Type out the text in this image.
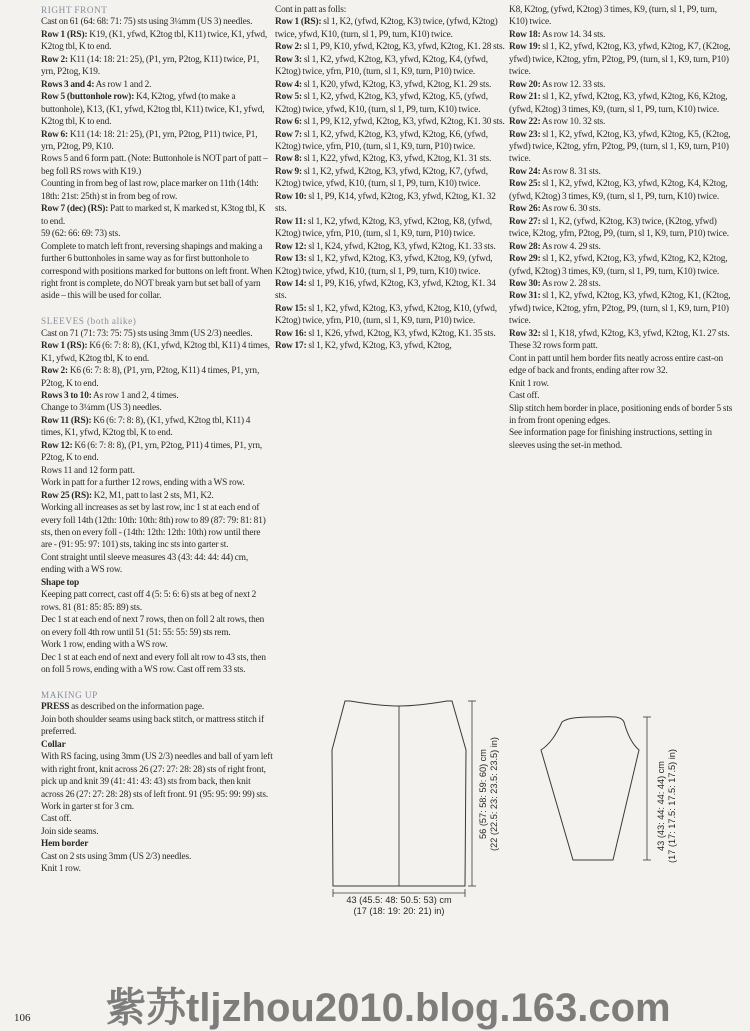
RIGHT FRONT

Cast on 61 (64: 68: 71: 75) sts using 3¼mm (US 3) needles.

Row 1 (RS): K19, (K1, yfwd, K2tog tbl, K11) twice, K1, yfwd, K2tog tbl, K to end.

Row 2: K11 (14: 18: 21: 25), (P1, yrn, P2tog, K11) twice, P1, yrn, P2tog, K19.

Rows 3 and 4: As row 1 and 2.

Row 5 (buttonhole row): K4, K2tog, yfwd (to make a buttonhole), K13, (K1, yfwd, K2tog tbl, K11) twice, K1, yfwd, K2tog tbl, K to end.

Row 6: K11 (14: 18: 21: 25), (P1, yrn, P2tog, P11) twice, P1, yrn, P2tog, P9, K10.

Rows 5 and 6 form patt. (Note: Buttonhole is NOT part of patt – beg foll RS rows with K19.)

Counting in from beg of last row, place marker on 11th (14th: 18th: 21st: 25th) st in from beg of row.

Row 7 (dec) (RS): Patt to marked st, K marked st, K3tog tbl, K to end.

59 (62: 66: 69: 73) sts.

Complete to match left front, reversing shapings and making a further 6 buttonholes in same way as for first buttonhole to correspond with positions marked for buttons on left front. When right front is complete, do NOT break yarn but set ball of yarn aside – this will be used for collar.

SLEEVES (both alike)

Cast on 71 (71: 73: 75: 75) sts using 3mm (US 2/3) needles.

Row 1 (RS): K6 (6: 7: 8: 8), (K1, yfwd, K2tog tbl, K11) 4 times, K1, yfwd, K2tog tbl, K to end.

Row 2: K6 (6: 7: 8: 8), (P1, yrn, P2tog, K11) 4 times, P1, yrn, P2tog, K to end.

Rows 3 to 10: As row 1 and 2, 4 times.

Change to 3¼mm (US 3) needles.

Row 11 (RS): K6 (6: 7: 8: 8), (K1, yfwd, K2tog tbl, K11) 4 times, K1, yfwd, K2tog tbl, K to end.

Row 12: K6 (6: 7: 8: 8), (P1, yrn, P2tog, P11) 4 times, P1, yrn, P2tog, K to end.

Rows 11 and 12 form patt.

Work in patt for a further 12 rows, ending with a WS row.

Row 25 (RS): K2, M1, patt to last 2 sts, M1, K2.

Working all increases as set by last row, inc 1 st at each end of every foll 14th (12th: 10th: 10th: 8th) row to 89 (87: 79: 81: 81) sts, then on every foll - (14th: 12th: 12th: 10th) row until there are - (91: 95: 97: 101) sts, taking inc sts into garter st.

Cont straight until sleeve measures 43 (43: 44: 44: 44) cm, ending with a WS row.

Shape top

Keeping patt correct, cast off 4 (5: 5: 6: 6) sts at beg of next 2 rows. 81 (81: 85: 85: 89) sts.

Dec 1 st at each end of next 7 rows, then on foll 2 alt rows, then on every foll 4th row until 51 (51: 55: 55: 59) sts rem.

Work 1 row, ending with a WS row.

Dec 1 st at each end of next and every foll alt row to 43 sts, then on foll 5 rows, ending with a WS row. Cast off rem 33 sts.

MAKING UP

PRESS as described on the information page.

Join both shoulder seams using back stitch, or mattress stitch if preferred.

Collar

With RS facing, using 3mm (US 2/3) needles and ball of yarn left with right front, knit across 26 (27: 27: 28: 28) sts of right front, pick up and knit 39 (41: 41: 43: 43) sts from back, then knit across 26 (27: 27: 28: 28) sts of left front. 91 (95: 95: 99: 99) sts.

Work in garter st for 3 cm.

Cast off.

Join side seams.

Hem border

Cast on 2 sts using 3mm (US 2/3) needles.

Knit 1 row.

Cont in patt as folls:

Row 1 (RS): sl 1, K2, (yfwd, K2tog, K3) twice, (yfwd, K2tog) twice, yfwd, K10, (turn, sl 1, P9, turn, K10) twice.

Row 2: sl 1, P9, K10, yfwd, K2tog, K3, yfwd, K2tog, K1. 28 sts.

Row 3: sl 1, K2, yfwd, K2tog, K3, yfwd, K2tog, K4, (yfwd, K2tog) twice, yfrn, P10, (turn, sl 1, K9, turn, P10) twice.

Row 4: sl 1, K20, yfwd, K2tog, K3, yfwd, K2tog, K1. 29 sts.

Row 5: sl 1, K2, yfwd, K2tog, K3, yfwd, K2tog, K5, (yfwd, K2tog) twice, yfwd, K10, (turn, sl 1, P9, turn, K10) twice.

Row 6: sl 1, P9, K12, yfwd, K2tog, K3, yfwd, K2tog, K1. 30 sts.

Row 7: sl 1, K2, yfwd, K2tog, K3, yfwd, K2tog, K6, (yfwd, K2tog) twice, yfrn, P10, (turn, sl 1, K9, turn, P10) twice.

Row 8: sl 1, K22, yfwd, K2tog, K3, yfwd, K2tog, K1. 31 sts.

Row 9: sl 1, K2, yfwd, K2tog, K3, yfwd, K2tog, K7, (yfwd, K2tog) twice, yfwd, K10, (turn, sl 1, P9, turn, K10) twice.

Row 10: sl 1, P9, K14, yfwd, K2tog, K3, yfwd, K2tog, K1. 32 sts.

Row 11: sl 1, K2, yfwd, K2tog, K3, yfwd, K2tog, K8, (yfwd, K2tog) twice, yfrn, P10, (turn, sl 1, K9, turn, P10) twice.

Row 12: sl 1, K24, yfwd, K2tog, K3, yfwd, K2tog, K1. 33 sts.

Row 13: sl 1, K2, yfwd, K2tog, K3, yfwd, K2tog, K9, (yfwd, K2tog) twice, yfwd, K10, (turn, sl 1, P9, turn, K10) twice.

Row 14: sl 1, P9, K16, yfwd, K2tog, K3, yfwd, K2tog, K1. 34 sts.

Row 15: sl 1, K2, yfwd, K2tog, K3, yfwd, K2tog, K10, (yfwd, K2tog) twice, yfrn, P10, (turn, sl 1, K9, turn, P10) twice.

Row 16: sl 1, K26, yfwd, K2tog, K3, yfwd, K2tog, K1. 35 sts.

Row 17: sl 1, K2, yfwd, K2tog, K3, yfwd, K2tog,

K8, K2tog, (yfwd, K2tog) 3 times, K9, (turn, sl 1, P9, turn, K10) twice.

Row 18: As row 14. 34 sts.

Row 19: sl 1, K2, yfwd, K2tog, K3, yfwd, K2tog, K7, (K2tog, yfwd) twice, K2tog, yfrn, P2tog, P9, (turn, sl 1, K9, turn, P10) twice.

Row 20: As row 12. 33 sts.

Row 21: sl 1, K2, yfwd, K2tog, K3, yfwd, K2tog, K6, K2tog, (yfwd, K2tog) 3 times, K9, (turn, sl 1, P9, turn, K10) twice.

Row 22: As row 10. 32 sts.

Row 23: sl 1, K2, yfwd, K2tog, K3, yfwd, K2tog, K5, (K2tog, yfwd) twice, K2tog, yfrn, P2tog, P9, (turn, sl 1, K9, turn, P10) twice.

Row 24: As row 8. 31 sts.

Row 25: sl 1, K2, yfwd, K2tog, K3, yfwd, K2tog, K4, K2tog, (yfwd, K2tog) 3 times, K9, (turn, sl 1, P9, turn, K10) twice.

Row 26: As row 6. 30 sts.

Row 27: sl 1, K2, (yfwd, K2tog, K3) twice, (K2tog, yfwd) twice, K2tog, yfrn, P2tog, P9, (turn, sl 1, K9, turn, P10) twice.

Row 28: As row 4. 29 sts.

Row 29: sl 1, K2, yfwd, K2tog, K3, yfwd, K2tog, K2, K2tog, (yfwd, K2tog) 3 times, K9, (turn, sl 1, P9, turn, K10) twice.

Row 30: As row 2. 28 sts.

Row 31: sl 1, K2, yfwd, K2tog, K3, yfwd, K2tog, K1, (K2tog, yfwd) twice, K2tog, yfrn, P2tog, P9, (turn, sl 1, K9, turn, P10) twice.

Row 32: sl 1, K18, yfwd, K2tog, K3, yfwd, K2tog, K1. 27 sts.

These 32 rows form patt.

Cont in patt until hem border fits neatly across entire cast-on edge of back and fronts, ending after row 32.

Knit 1 row.

Cast off.

Slip stitch hem border in place, positioning ends of border 5 sts in from front opening edges.

See information page for finishing instructions, setting in sleeves using the set-in method.

43 (45.5: 48: 50.5: 53) cm
(17 (18: 19: 20: 21) in)
56 (57: 58: 59: 60) cm (22 (22.5: 23: 23.5: 23.5) in)	43 (43: 44: 44: 44) cm (17 (17: 17.5: 17.5: 17.5) in)
106 紫苏tljzhou2010.blog.163.com
